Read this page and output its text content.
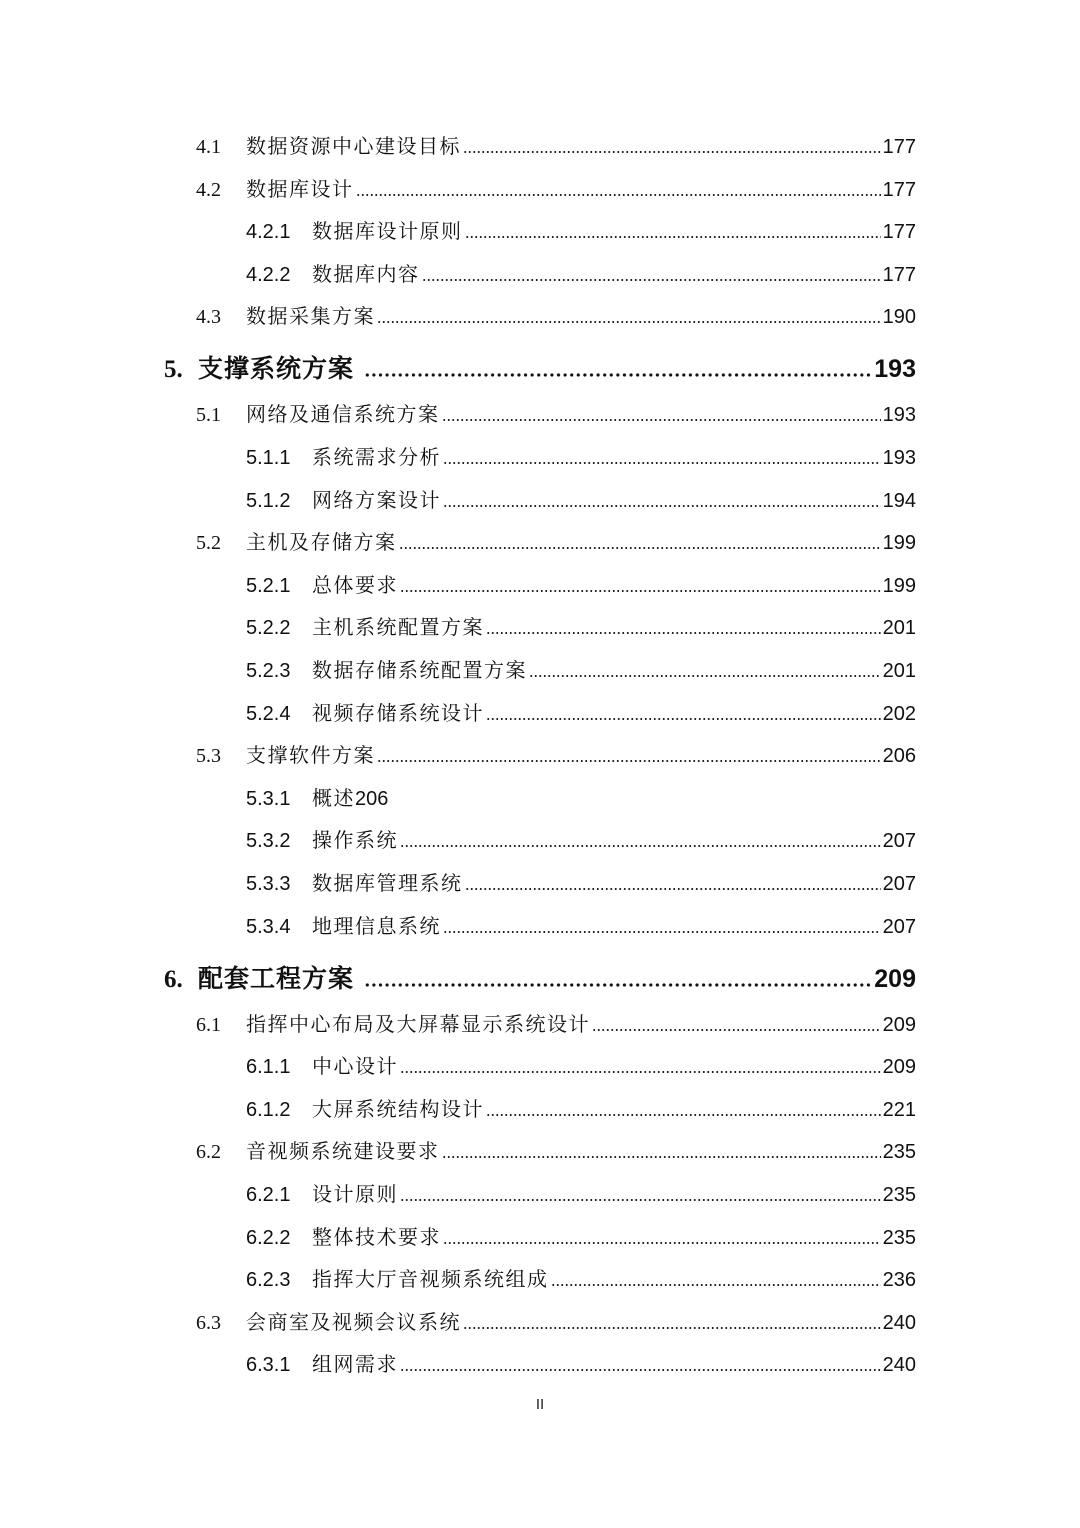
4.1	数据资源中心建设目标	177
4.2	数据库设计	177
4.2.1	数据库设计原则	177
4.2.2	数据库内容	177
4.3	数据采集方案	190
5. 支撑系统方案	193
5.1	网络及通信系统方案	193
5.1.1	系统需求分析	193
5.1.2	网络方案设计	194
5.2	主机及存储方案	199
5.2.1	总体要求	199
5.2.2	主机系统配置方案	201
5.2.3	数据存储系统配置方案	201
5.2.4	视频存储系统设计	202
5.3	支撑软件方案	206
5.3.1	概述 206
5.3.2	操作系统	207
5.3.3	数据库管理系统	207
5.3.4	地理信息系统	207
6. 配套工程方案	209
6.1	指挥中心布局及大屏幕显示系统设计	209
6.1.1	中心设计	209
6.1.2	大屏系统结构设计	221
6.2	音视频系统建设要求	235
6.2.1	设计原则	235
6.2.2	整体技术要求	235
6.2.3	指挥大厅音视频系统组成	236
6.3	会商室及视频会议系统	240
6.3.1	组网需求	240
II
